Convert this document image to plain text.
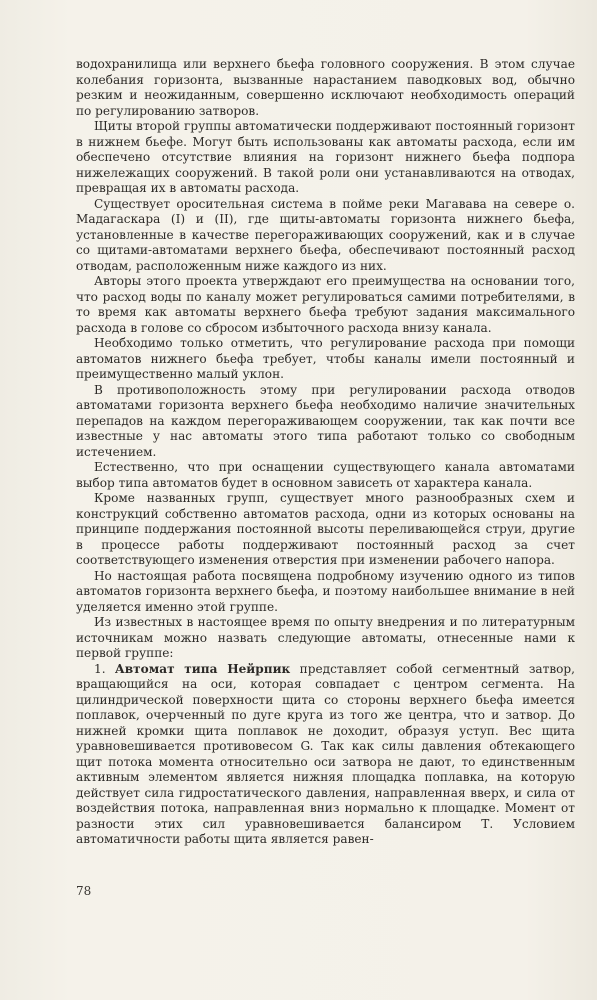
водохранилища или верхнего бьефа головного сооружения. В этом случае колебания горизонта, вызванные нарастанием паводковых вод, обычно резким и неожиданным, совершенно исключают необходимость операций по регулированию затворов.

Щиты второй группы автоматически поддерживают постоянный горизонт в нижнем бьефе. Могут быть использованы как автоматы расхода, если им обеспечено отсутствие влияния на горизонт нижнего бьефа подпора нижележащих сооружений. В такой роли они устанавливаются на отводах, превращая их в автоматы расхода.

Существует оросительная система в пойме реки Магавава на севере о. Мадагаскара (I) и (II), где щиты-автоматы горизонта нижнего бьефа, установленные в качестве перегораживающих сооружений, как и в случае со щитами-автоматами верхнего бьефа, обеспечивают постоянный расход отводам, расположенным ниже каждого из них.

Авторы этого проекта утверждают его преимущества на основании того, что расход воды по каналу может регулироваться самими потребителями, в то время как автоматы верхнего бьефа требуют задания максимального расхода в голове со сбросом избыточного расхода внизу канала.

Необходимо только отметить, что регулирование расхода при помощи автоматов нижнего бьефа требует, чтобы каналы имели постоянный и преимущественно малый уклон.

В противоположность этому при регулировании расхода отводов автоматами горизонта верхнего бьефа необходимо наличие значительных перепадов на каждом перегораживающем сооружении, так как почти все известные у нас автоматы этого типа работают только со свободным истечением.

Естественно, что при оснащении существующего канала автоматами выбор типа автоматов будет в основном зависеть от характера канала.

Кроме названных групп, существует много разнообразных схем и конструкций собственно автоматов расхода, одни из которых основаны на принципе поддержания постоянной высоты переливающейся струи, другие в процессе работы поддерживают постоянный расход за счет соответствующего изменения отверстия при изменении рабочего напора.

Но настоящая работа посвящена подробному изучению одного из типов автоматов горизонта верхнего бьефа, и поэтому наибольшее внимание в ней уделяется именно этой группе.

Из известных в настоящее время по опыту внедрения и по литературным источникам можно назвать следующие автоматы, отнесенные нами к первой группе:

1. Автомат типа Нейрпик представляет собой сегментный затвор, вращающийся на оси, которая совпадает с центром сегмента. На цилиндрической поверхности щита со стороны верхнего бьефа имеется поплавок, очерченный по дуге круга из того же центра, что и затвор. До нижней кромки щита поплавок не доходит, образуя уступ. Вес щита уравновешивается противовесом G. Так как силы давления обтекающего щит потока момента относительно оси затвора не дают, то единственным активным элементом является нижняя площадка поплавка, на которую действует сила гидростатического давления, направленная вверх, и сила от воздействия потока, направленная вниз нормально к площадке. Момент от разности этих сил уравновешивается балансиром Т. Условием автоматичности работы щита является равен-

78
